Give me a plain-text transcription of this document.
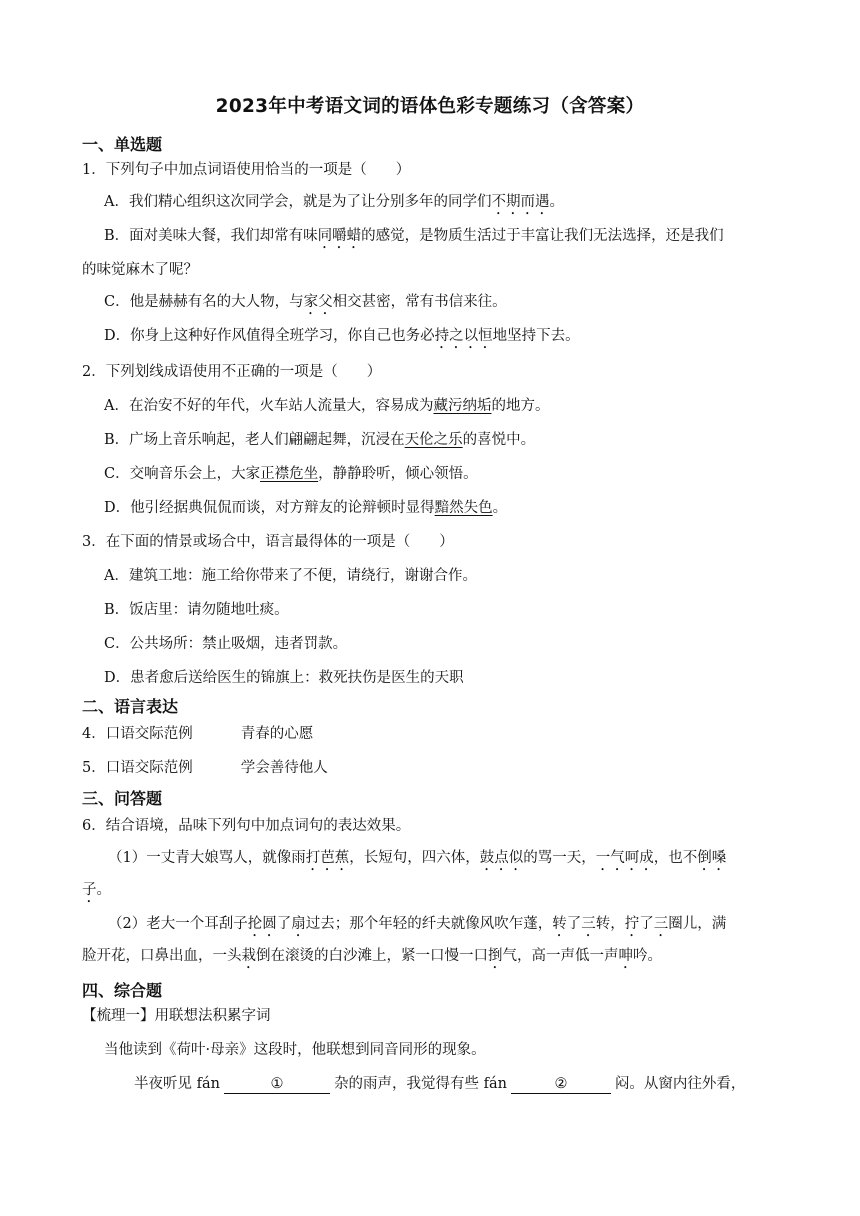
2023年中考语文词的语体色彩专题练习（含答案）
一、单选题
1．下列句子中加点词语使用恰当的一项是（　　）
A．我们精心组织这次同学会，就是为了让分别多年的同学们不期而遇。
B．面对美味大餐，我们却常有味同嚼蜡的感觉，是物质生活过于丰富让我们无法选择，还是我们
的味觉麻木了呢？
C．他是赫赫有名的大人物，与家父相交甚密，常有书信来往。
D．你身上这种好作风值得全班学习，你自己也务必持之以恒地坚持下去。
2．下列划线成语使用不正确的一项是（　　）
A．在治安不好的年代，火车站人流量大，容易成为藏污纳垢的地方。
B．广场上音乐响起，老人们翩翩起舞，沉浸在天伦之乐的喜悦中。
C．交响音乐会上，大家正襟危坐，静静聆听，倾心领悟。
D．他引经据典侃侃而谈，对方辩友的论辩顿时显得黯然失色。
3．在下面的情景或场合中，语言最得体的一项是（　　）
A．建筑工地：施工给你带来了不便，请绕行，谢谢合作。
B．饭店里：请勿随地吐痰。
C．公共场所：禁止吸烟，违者罚款。
D．患者愈后送给医生的锦旗上：救死扶伤是医生的天职
二、语言表达
4．口语交际范例	青春的心愿
5．口语交际范例	学会善待他人
三、问答题
6．结合语境，品味下列句中加点词句的表达效果。
（1）一丈青大娘骂人，就像雨打芭蕉，长短句，四六体，鼓点似的骂一天，一气呵成，也不倒嗓
子。
（2）老大一个耳刮子抡圆了扇过去；那个年轻的纤夫就像风吹乍蓬，转了三转，拧了三圈儿，满
脸开花，口鼻出血，一头栽倒在滚烫的白沙滩上，紧一口慢一口捯气，高一声低一声呻吟。
四、综合题
【梳理一】用联想法积累字词
当他读到《荷叶·母亲》这段时，他联想到同音同形的现象。
半夜听见 fán	①	杂的雨声，我觉得有些 fán	②	闷。从窗内往外看，
